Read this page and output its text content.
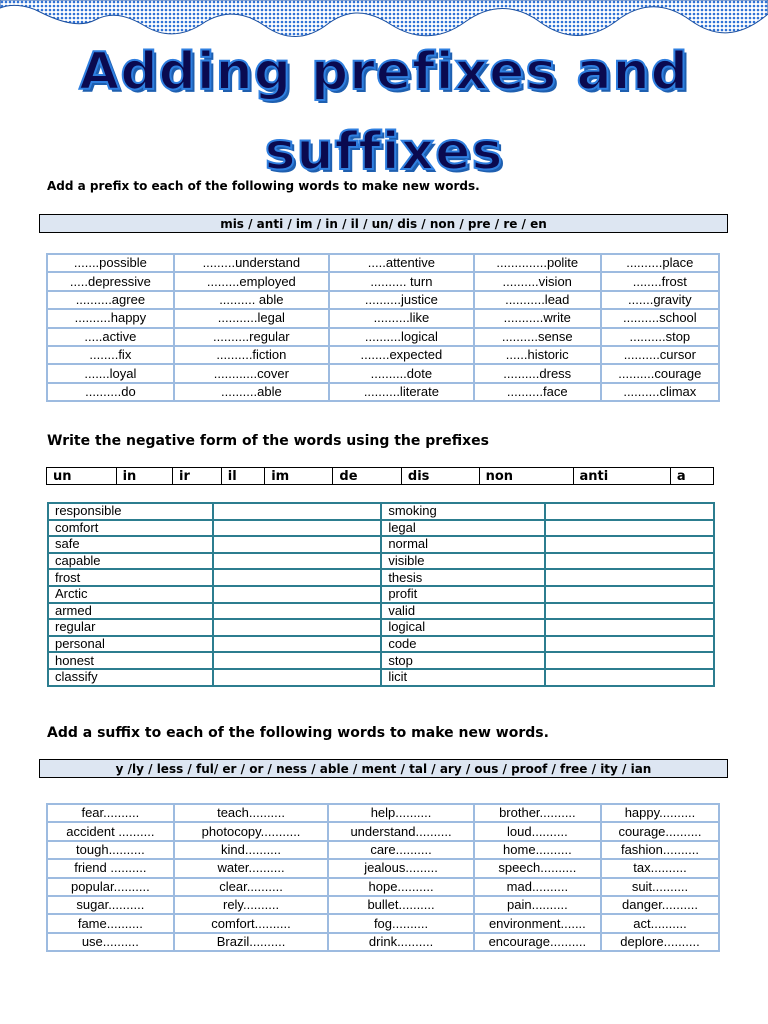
Adding prefixes and
suffixes
Add a prefix to each of the following words to make new words.
mis / anti / im / in / il / un/ dis / non / pre / re / en
.......possible	.........understand	.....attentive	..............polite	..........place
.....depressive	.........employed	.......... turn	..........vision	........frost
..........agree	.......... able	..........justice	...........lead	.......gravity
..........happy	...........legal	..........like	...........write	..........school
.....active	..........regular	..........logical	..........sense	..........stop
........fix	..........fiction	........expected	......historic	..........cursor
.......loyal	............cover	..........dote	..........dress	..........courage
..........do	..........able	..........literate	..........face	..........climax
Write the negative form of the words using the prefixes
un	in	ir	il	im	de	dis	non	anti	a
responsible		smoking	
comfort		legal	
safe		normal	
capable		visible	
frost		thesis	
Arctic		profit	
armed		valid	
regular		logical	
personal		code	
honest		stop	
classify		licit	
Add a suffix to each of the following words to make new words.
y /ly / less / ful/ er / or / ness / able / ment / tal / ary / ous / proof / free / ity / ian
fear..........	teach..........	help..........	brother..........	happy..........
accident ..........	photocopy...........	understand..........	loud..........	courage..........
tough..........	kind..........	care..........	home..........	fashion..........
friend ..........	water..........	jealous.........	speech..........	tax..........
popular..........	clear..........	hope..........	mad..........	suit..........
sugar..........	rely..........	bullet..........	pain..........	danger..........
fame..........	comfort..........	fog..........	environment.......	act..........
use..........	Brazil..........	drink..........	encourage..........	deplore..........
